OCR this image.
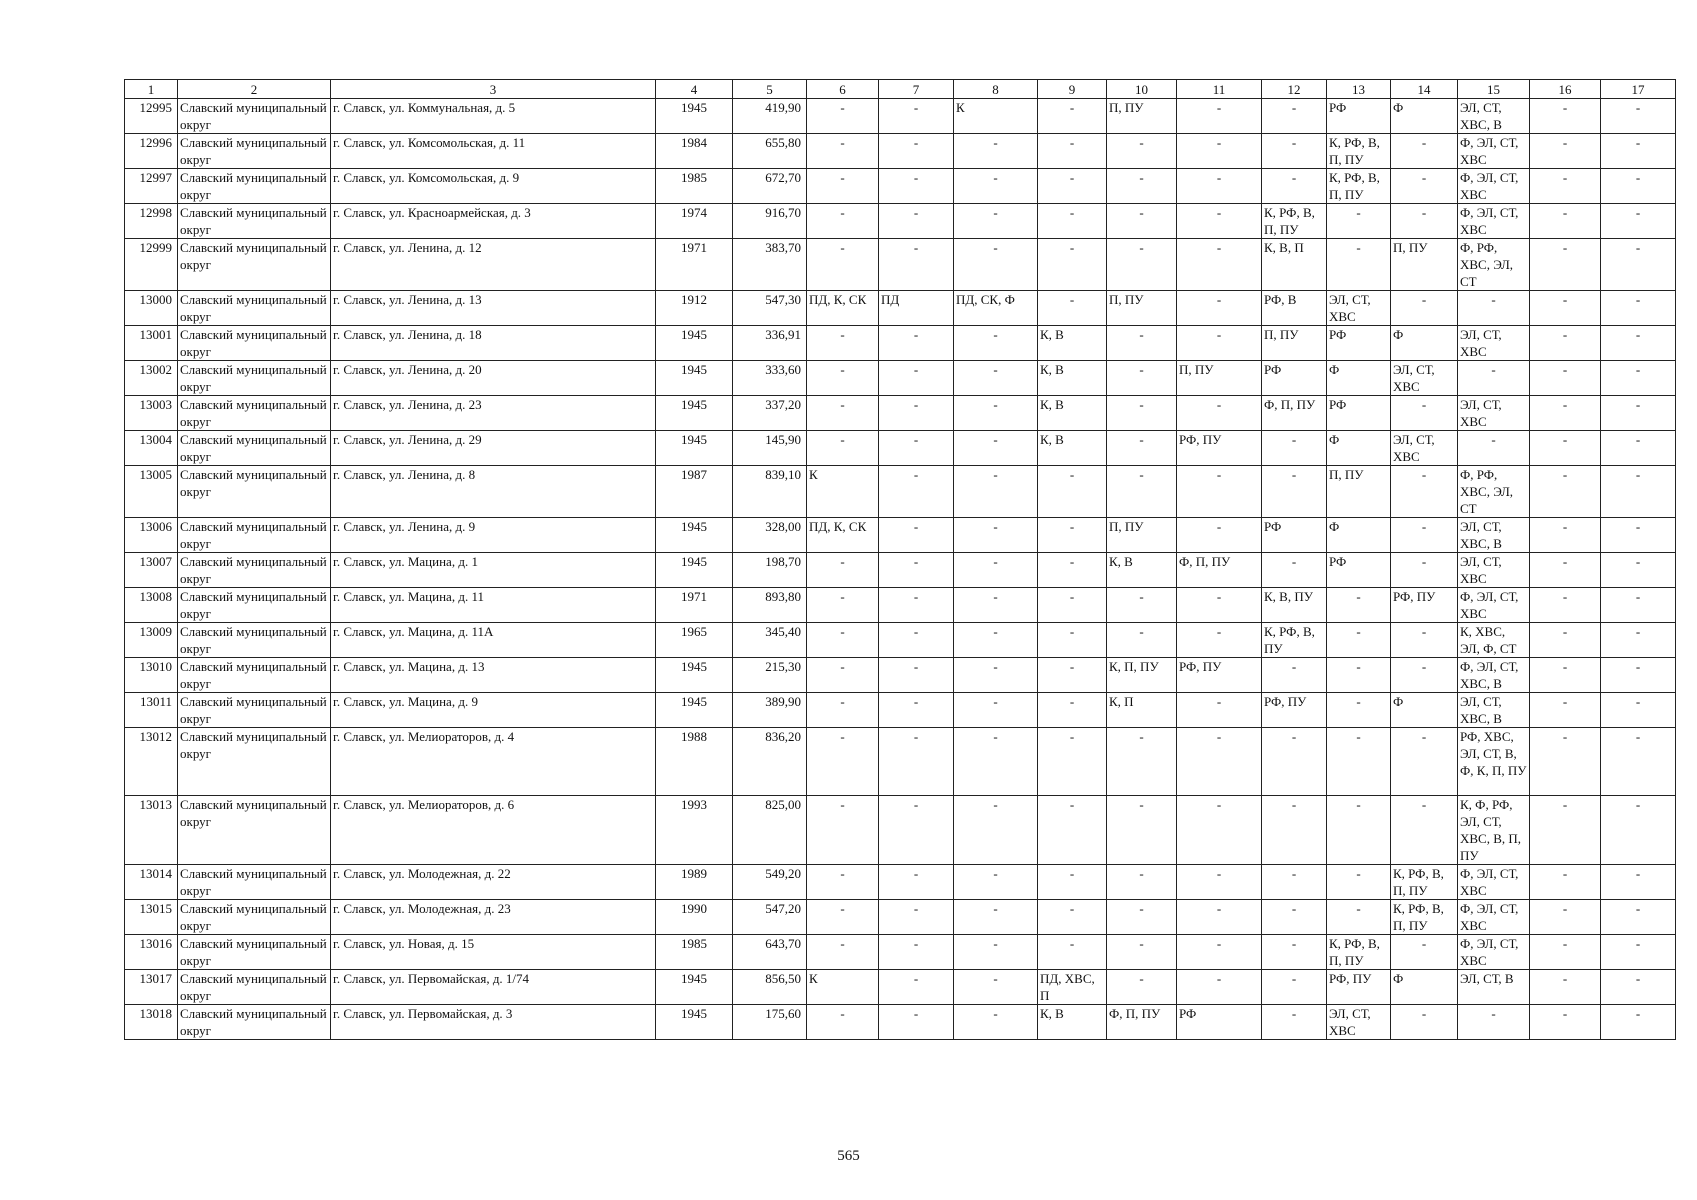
1	2	3	4	5	6	7	8	9	10	11	12	13	14	15	16	17
12995	Славский муниципальный округ	г. Славск, ул. Коммунальная, д. 5	1945	419,90	-	-	К	-	П, ПУ	-	-	РФ	Ф	ЭЛ, СТ, ХВС, В	-	-
12996	Славский муниципальный округ	г. Славск, ул. Комсомольская, д. 11	1984	655,80	-	-	-	-	-	-	-	К, РФ, В, П, ПУ	-	Ф, ЭЛ, СТ, ХВС	-	-
12997	Славский муниципальный округ	г. Славск, ул. Комсомольская, д. 9	1985	672,70	-	-	-	-	-	-	-	К, РФ, В, П, ПУ	-	Ф, ЭЛ, СТ, ХВС	-	-
12998	Славский муниципальный округ	г. Славск, ул. Красноармейская, д. 3	1974	916,70	-	-	-	-	-	-	К, РФ, В, П, ПУ	-	-	Ф, ЭЛ, СТ, ХВС	-	-
12999	Славский муниципальный округ	г. Славск, ул. Ленина, д. 12	1971	383,70	-	-	-	-	-	-	К, В, П	-	П, ПУ	Ф, РФ, ХВС, ЭЛ, СТ	-	-
13000	Славский муниципальный округ	г. Славск, ул. Ленина, д. 13	1912	547,30	ПД, К, СК	ПД	ПД, СК, Ф	-	П, ПУ	-	РФ, В	ЭЛ, СТ, ХВС	-	-	-	-
13001	Славский муниципальный округ	г. Славск, ул. Ленина, д. 18	1945	336,91	-	-	-	К, В	-	-	П, ПУ	РФ	Ф	ЭЛ, СТ, ХВС	-	-
13002	Славский муниципальный округ	г. Славск, ул. Ленина, д. 20	1945	333,60	-	-	-	К, В	-	П, ПУ	РФ	Ф	ЭЛ, СТ, ХВС	-	-	-
13003	Славский муниципальный округ	г. Славск, ул. Ленина, д. 23	1945	337,20	-	-	-	К, В	-	-	Ф, П, ПУ	РФ	-	ЭЛ, СТ, ХВС	-	-
13004	Славский муниципальный округ	г. Славск, ул. Ленина, д. 29	1945	145,90	-	-	-	К, В	-	РФ, ПУ	-	Ф	ЭЛ, СТ, ХВС	-	-	-
13005	Славский муниципальный округ	г. Славск, ул. Ленина, д. 8	1987	839,10	К	-	-	-	-	-	-	П, ПУ	-	Ф, РФ, ХВС, ЭЛ, СТ	-	-
13006	Славский муниципальный округ	г. Славск, ул. Ленина, д. 9	1945	328,00	ПД, К, СК	-	-	-	П, ПУ	-	РФ	Ф	-	ЭЛ, СТ, ХВС, В	-	-
13007	Славский муниципальный округ	г. Славск, ул. Мацина, д. 1	1945	198,70	-	-	-	-	К, В	Ф, П, ПУ	-	РФ	-	ЭЛ, СТ, ХВС	-	-
13008	Славский муниципальный округ	г. Славск, ул. Мацина, д. 11	1971	893,80	-	-	-	-	-	-	К, В, ПУ	-	РФ, ПУ	Ф, ЭЛ, СТ, ХВС	-	-
13009	Славский муниципальный округ	г. Славск, ул. Мацина, д. 11А	1965	345,40	-	-	-	-	-	-	К, РФ, В, ПУ	-	-	К, ХВС, ЭЛ, Ф, СТ	-	-
13010	Славский муниципальный округ	г. Славск, ул. Мацина, д. 13	1945	215,30	-	-	-	-	К, П, ПУ	РФ, ПУ	-	-	-	Ф, ЭЛ, СТ, ХВС, В	-	-
13011	Славский муниципальный округ	г. Славск, ул. Мацина, д. 9	1945	389,90	-	-	-	-	К, П	-	РФ, ПУ	-	Ф	ЭЛ, СТ, ХВС, В	-	-
13012	Славский муниципальный округ	г. Славск, ул. Мелиораторов, д. 4	1988	836,20	-	-	-	-	-	-	-	-	-	РФ, ХВС, ЭЛ, СТ, В, Ф, К, П, ПУ	-	-
13013	Славский муниципальный округ	г. Славск, ул. Мелиораторов, д. 6	1993	825,00	-	-	-	-	-	-	-	-	-	К, Ф, РФ, ЭЛ, СТ, ХВС, В, П, ПУ	-	-
13014	Славский муниципальный округ	г. Славск, ул. Молодежная, д. 22	1989	549,20	-	-	-	-	-	-	-	-	К, РФ, В, П, ПУ	Ф, ЭЛ, СТ, ХВС	-	-
13015	Славский муниципальный округ	г. Славск, ул. Молодежная, д. 23	1990	547,20	-	-	-	-	-	-	-	-	К, РФ, В, П, ПУ	Ф, ЭЛ, СТ, ХВС	-	-
13016	Славский муниципальный округ	г. Славск, ул. Новая, д. 15	1985	643,70	-	-	-	-	-	-	-	К, РФ, В, П, ПУ	-	Ф, ЭЛ, СТ, ХВС	-	-
13017	Славский муниципальный округ	г. Славск, ул. Первомайская, д. 1/74	1945	856,50	К	-	-	ПД, ХВС, П	-	-	-	РФ, ПУ	Ф	ЭЛ, СТ, В	-	-
13018	Славский муниципальный округ	г. Славск, ул. Первомайская, д. 3	1945	175,60	-	-	-	К, В	Ф, П, ПУ	РФ	-	ЭЛ, СТ, ХВС	-	-	-	-
565
